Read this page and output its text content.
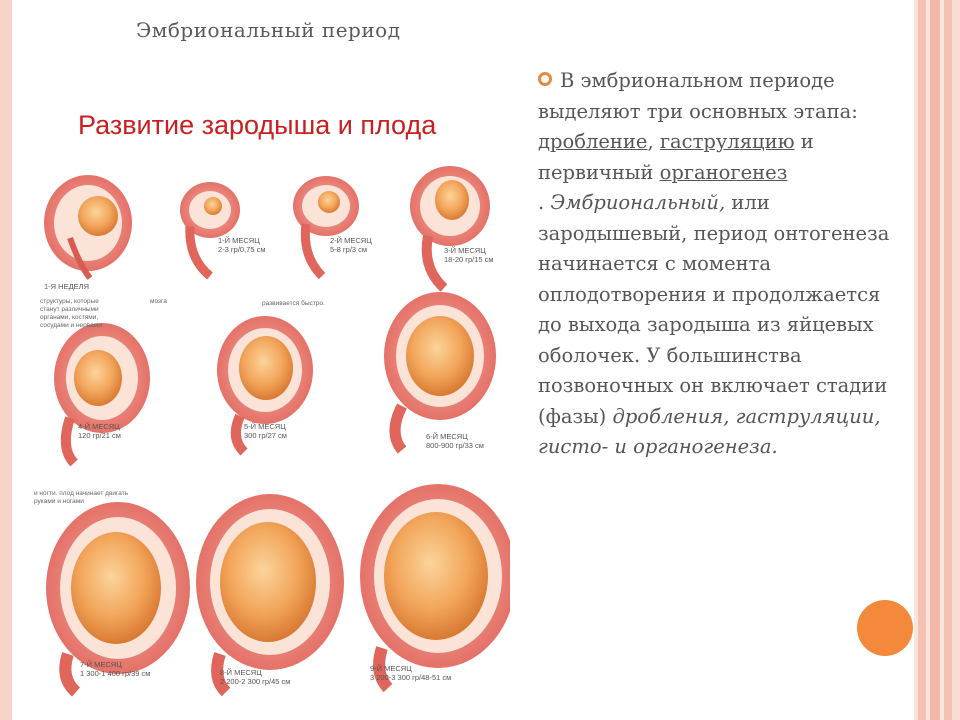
Эмбриональный период
Развитие зародыша и плода
структуры, которые станут различными органами, костями, сосудами и нервами
мозга	развивается быстро.
и ногти. плод начинает двигать руками и ногами
1-Я НЕДЕЛЯ
1-Й МЕСЯЦ
2-3 гр/0,75 см
2-Й МЕСЯЦ
5-8 гр/3 см	3-Й МЕСЯЦ
18-20 гр/15 см
4-Й МЕСЯЦ
120 гр/21 см
5-Й МЕСЯЦ
300 гр/27 см	6-Й МЕСЯЦ
800-900 гр/33 см
7-Й МЕСЯЦ
1 300-1 400 гр/39 см	8-Й МЕСЯЦ
2 200-2 300 гр/45 см
9-Й МЕСЯЦ
3 200-3 300 гр/48-51 см
В эмбриональном периоде выделяют три основных этапа: дробление, гаструляцию и первичный органогенез
. Эмбриональный, или зародышевый, период онтогенеза начинается с момента оплодотворения и продолжается до выхода зародыша из яйцевых оболочек. У большинства позвоночных он включает стадии (фазы) дробления, гаструляции, гисто- и органогенеза.
